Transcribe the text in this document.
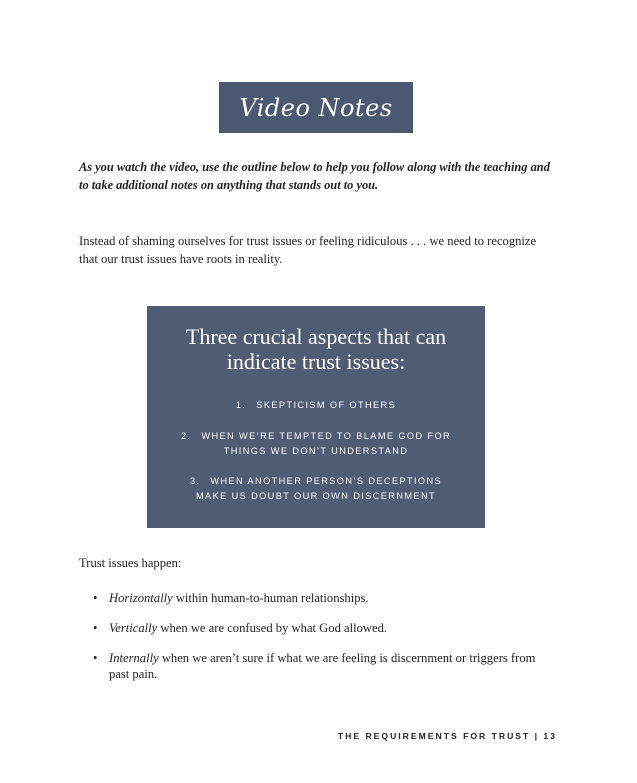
Video Notes
As you watch the video, use the outline below to help you follow along with the teaching and to take additional notes on anything that stands out to you.
Instead of shaming ourselves for trust issues or feeling ridiculous . . . we need to recognize that our trust issues have roots in reality.
Three crucial aspects that can indicate trust issues:
1. SKEPTICISM OF OTHERS
2. WHEN WE’RE TEMPTED TO BLAME GOD FOR
THINGS WE DON’T UNDERSTAND
3. WHEN ANOTHER PERSON’S DECEPTIONS
MAKE US DOUBT OUR OWN DISCERNMENT
Trust issues happen:
• Horizontally within human-to-human relationships.
• Vertically when we are confused by what God allowed.
• Internally when we aren’t sure if what we are feeling is discernment or triggers from past pain.
THE REQUIREMENTS FOR TRUST | 13
